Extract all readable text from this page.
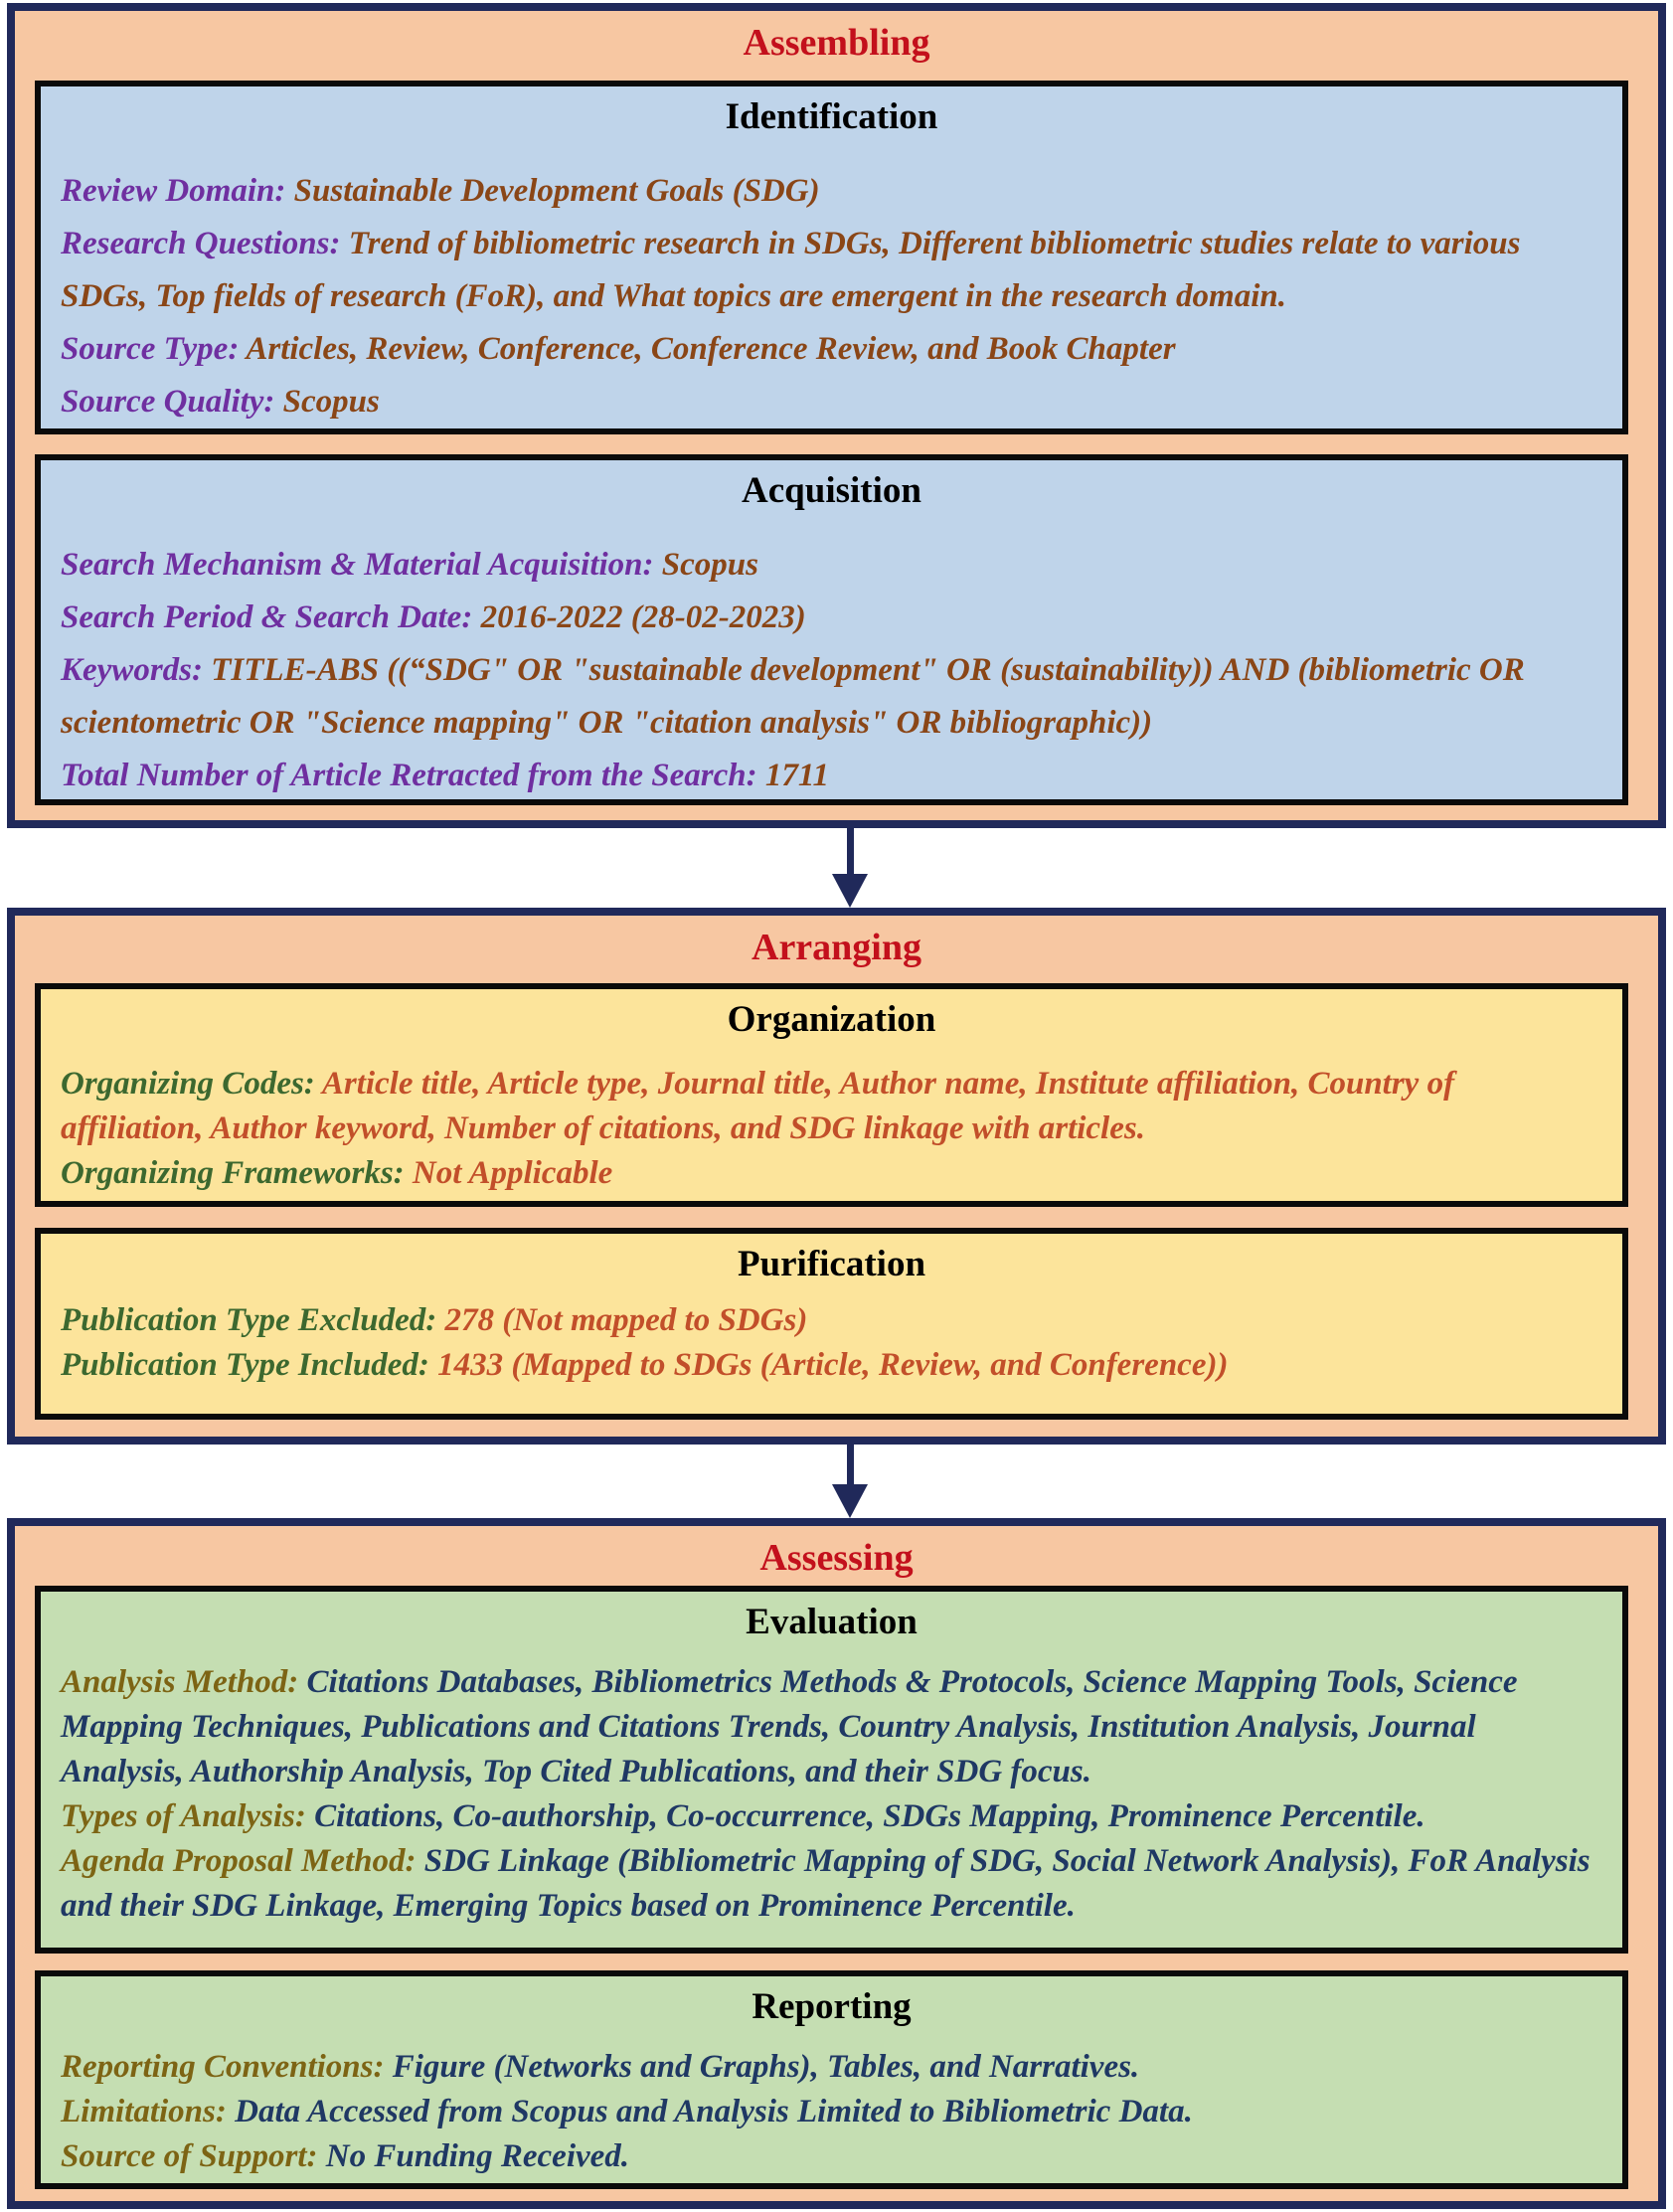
Assembling
Identification

Review Domain: Sustainable Development Goals (SDG)

Research Questions: Trend of bibliometric research in SDGs, Different bibliometric studies relate to various SDGs, Top fields of research (FoR), and What topics are emergent in the research domain.

Source Type: Articles, Review, Conference, Conference Review, and Book Chapter

Source Quality: Scopus

Acquisition

Search Mechanism & Material Acquisition: Scopus

Search Period & Search Date: 2016-2022 (28-02-2023)

Keywords: TITLE-ABS ((“SDG" OR "sustainable development" OR (sustainability)) AND (bibliometric OR scientometric OR "Science mapping" OR "citation analysis" OR bibliographic))

Total Number of Article Retracted from the Search: 1711

Arranging
Organization

Organizing Codes: Article title, Article type, Journal title, Author name, Institute affiliation, Country of affiliation, Author keyword, Number of citations, and SDG linkage with articles.

Organizing Frameworks: Not Applicable

Purification

Publication Type Excluded: 278 (Not mapped to SDGs)

Publication Type Included: 1433 (Mapped to SDGs (Article, Review, and Conference))

Assessing
Evaluation

Analysis Method: Citations Databases, Bibliometrics Methods & Protocols, Science Mapping Tools, Science Mapping Techniques, Publications and Citations Trends, Country Analysis, Institution Analysis, Journal Analysis, Authorship Analysis, Top Cited Publications, and their SDG focus.

Types of Analysis: Citations, Co-authorship, Co-occurrence, SDGs Mapping, Prominence Percentile.

Agenda Proposal Method: SDG Linkage (Bibliometric Mapping of SDG, Social Network Analysis), FoR Analysis and their SDG Linkage, Emerging Topics based on Prominence Percentile.

Reporting

Reporting Conventions: Figure (Networks and Graphs), Tables, and Narratives.

Limitations: Data Accessed from Scopus and Analysis Limited to Bibliometric Data.

Source of Support: No Funding Received.
